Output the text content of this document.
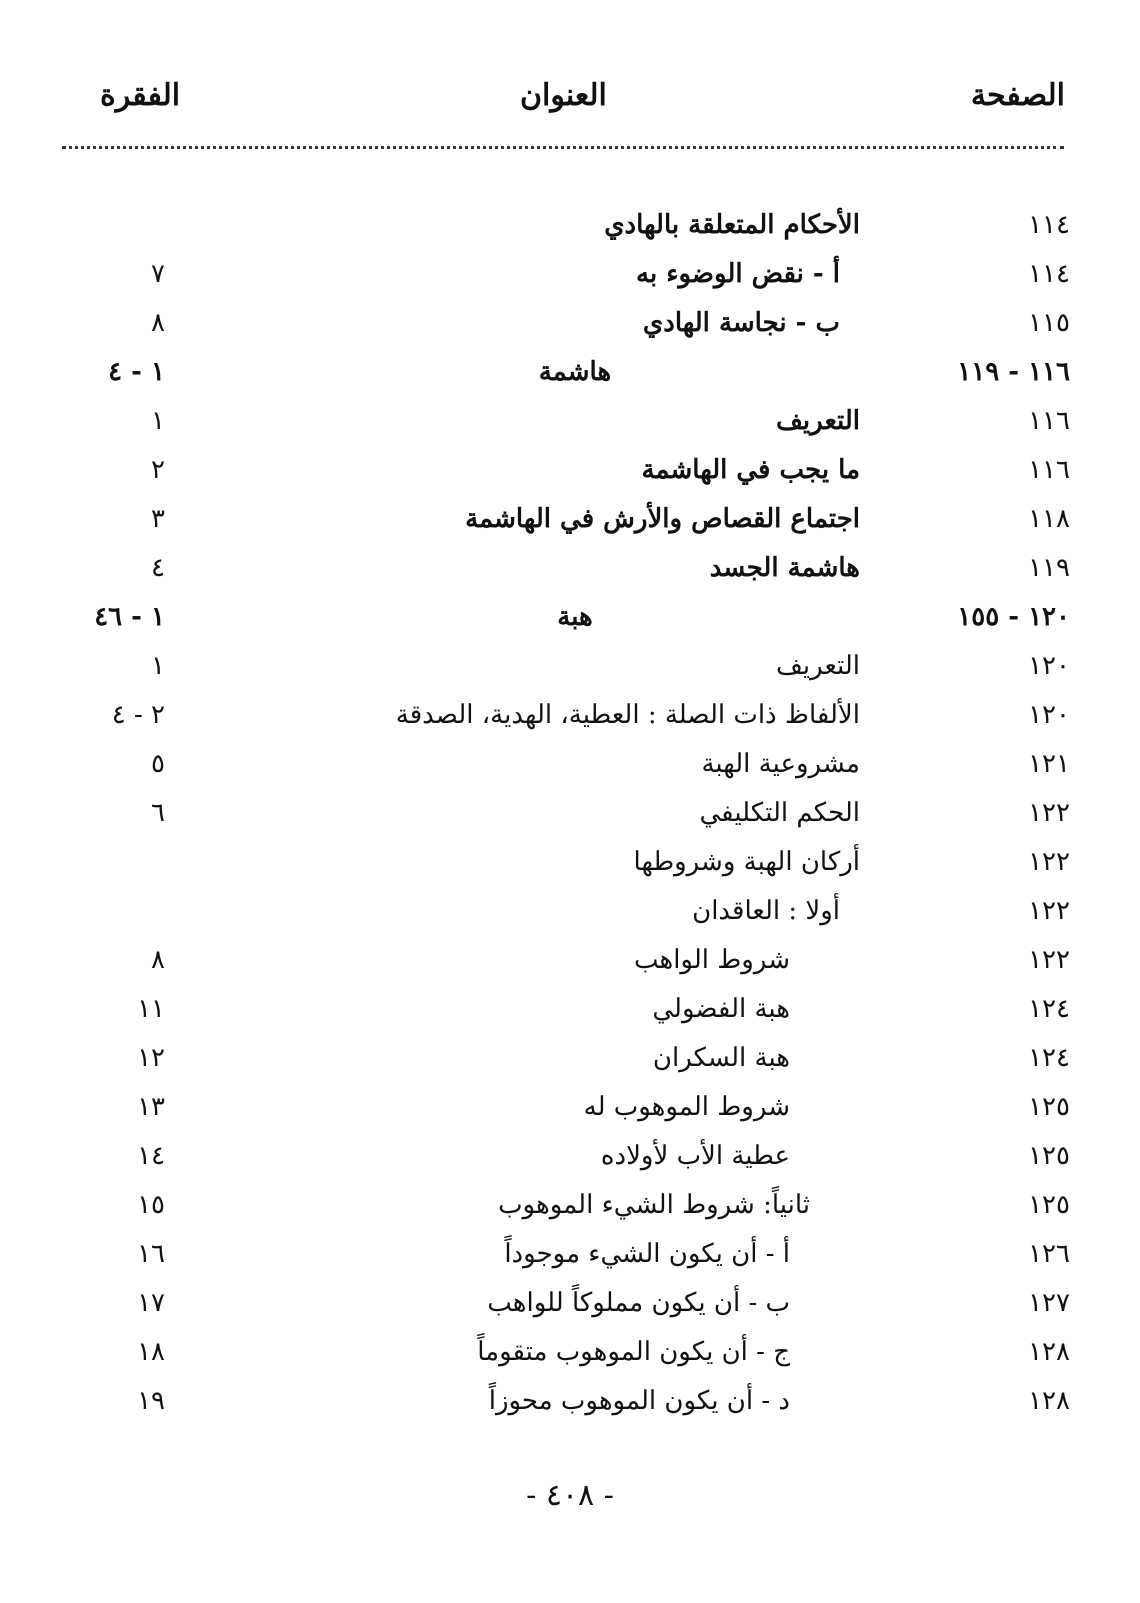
الصفحة
العنوان
الفقرة
١١٤
الأحكام المتعلقة بالهادي
١١٤
أ - نقض الوضوء به
٧
١١٥
ب - نجاسة الهادي
٨
١١٦ - ١١٩
هاشمة
١ - ٤
١١٦
التعريف
١
١١٦
ما يجب في الهاشمة
٢
١١٨
اجتماع القصاص والأرش في الهاشمة
٣
١١٩
هاشمة الجسد
٤
١٢٠ - ١٥٥
هبة
١ - ٤٦
١٢٠
التعريف
١
١٢٠
الألفاظ ذات الصلة : العطية، الهدية، الصدقة
٢ - ٤
١٢١
مشروعية الهبة
٥
١٢٢
الحكم التكليفي
٦
١٢٢
أركان الهبة وشروطها
١٢٢
أولا : العاقدان
١٢٢
شروط الواهب
٨
١٢٤
هبة الفضولي
١١
١٢٤
هبة السكران
١٢
١٢٥
شروط الموهوب له
١٣
١٢٥
عطية الأب لأولاده
١٤
١٢٥
ثانياً: شروط الشيء الموهوب
١٥
١٢٦
أ - أن يكون الشيء موجوداً
١٦
١٢٧
ب - أن يكون مملوكاً للواهب
١٧
١٢٨
ج - أن يكون الموهوب متقوماً
١٨
١٢٨
د - أن يكون الموهوب محوزاً
١٩
- ٤٠٨ -
